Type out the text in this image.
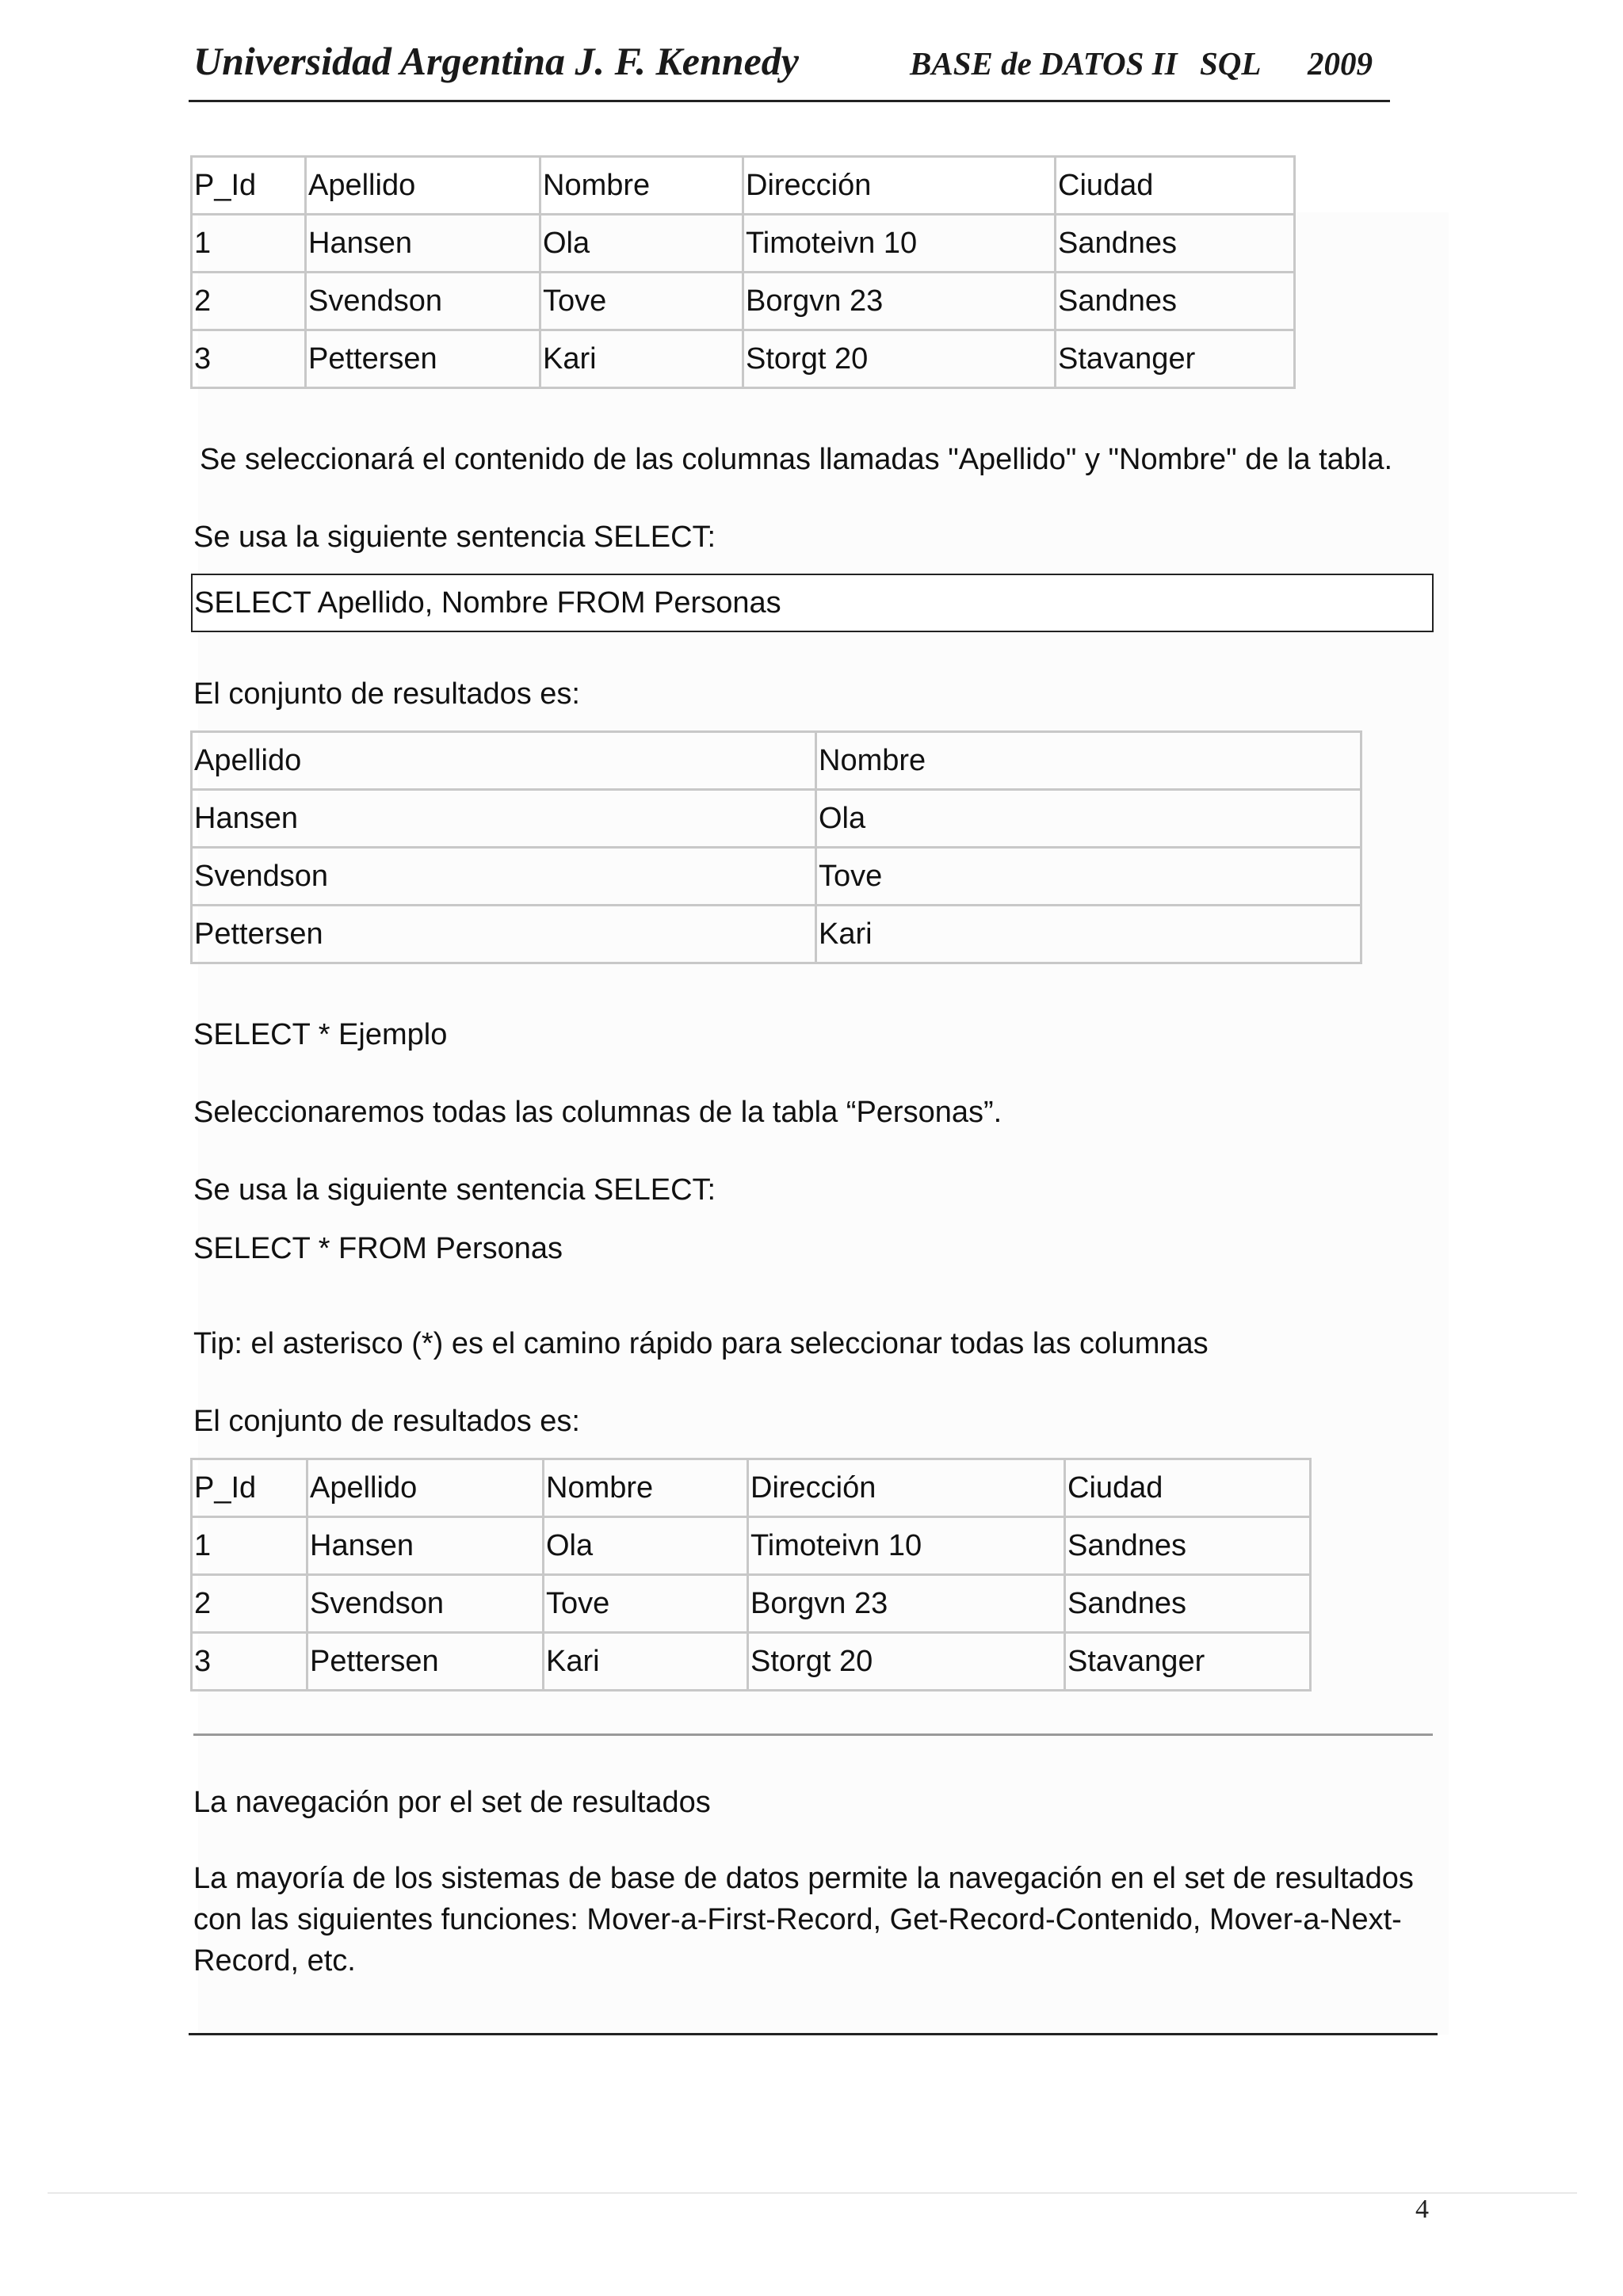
Universidad Argentina J. F. Kennedy	BASE de DATOS II SQL 2009
P_Id	Apellido	Nombre	Dirección	Ciudad
1	Hansen	Ola	Timoteivn 10	Sandnes
2	Svendson	Tove	Borgvn 23	Sandnes
3	Pettersen	Kari	Storgt 20	Stavanger

Se seleccionará el contenido de las columnas llamadas "Apellido" y "Nombre" de la tabla.

Se usa la siguiente sentencia SELECT:

SELECT Apellido, Nombre FROM Personas

El conjunto de resultados es:

Apellido	Nombre
Hansen	Ola
Svendson	Tove
Pettersen	Kari

SELECT * Ejemplo

Seleccionaremos todas las columnas de la tabla “Personas”.

Se usa la siguiente sentencia SELECT:

SELECT * FROM Personas

Tip: el asterisco (*) es el camino rápido para seleccionar todas las columnas

El conjunto de resultados es:

P_Id	Apellido	Nombre	Dirección	Ciudad
1	Hansen	Ola	Timoteivn 10	Sandnes
2	Svendson	Tove	Borgvn 23	Sandnes
3	Pettersen	Kari	Storgt 20	Stavanger

La navegación por el set de resultados

La mayoría de los sistemas de base de datos permite la navegación en el set de resultados con las siguientes funciones: Mover-a-First-Record, Get-Record-Contenido, Mover-a-Next-Record, etc.

4
